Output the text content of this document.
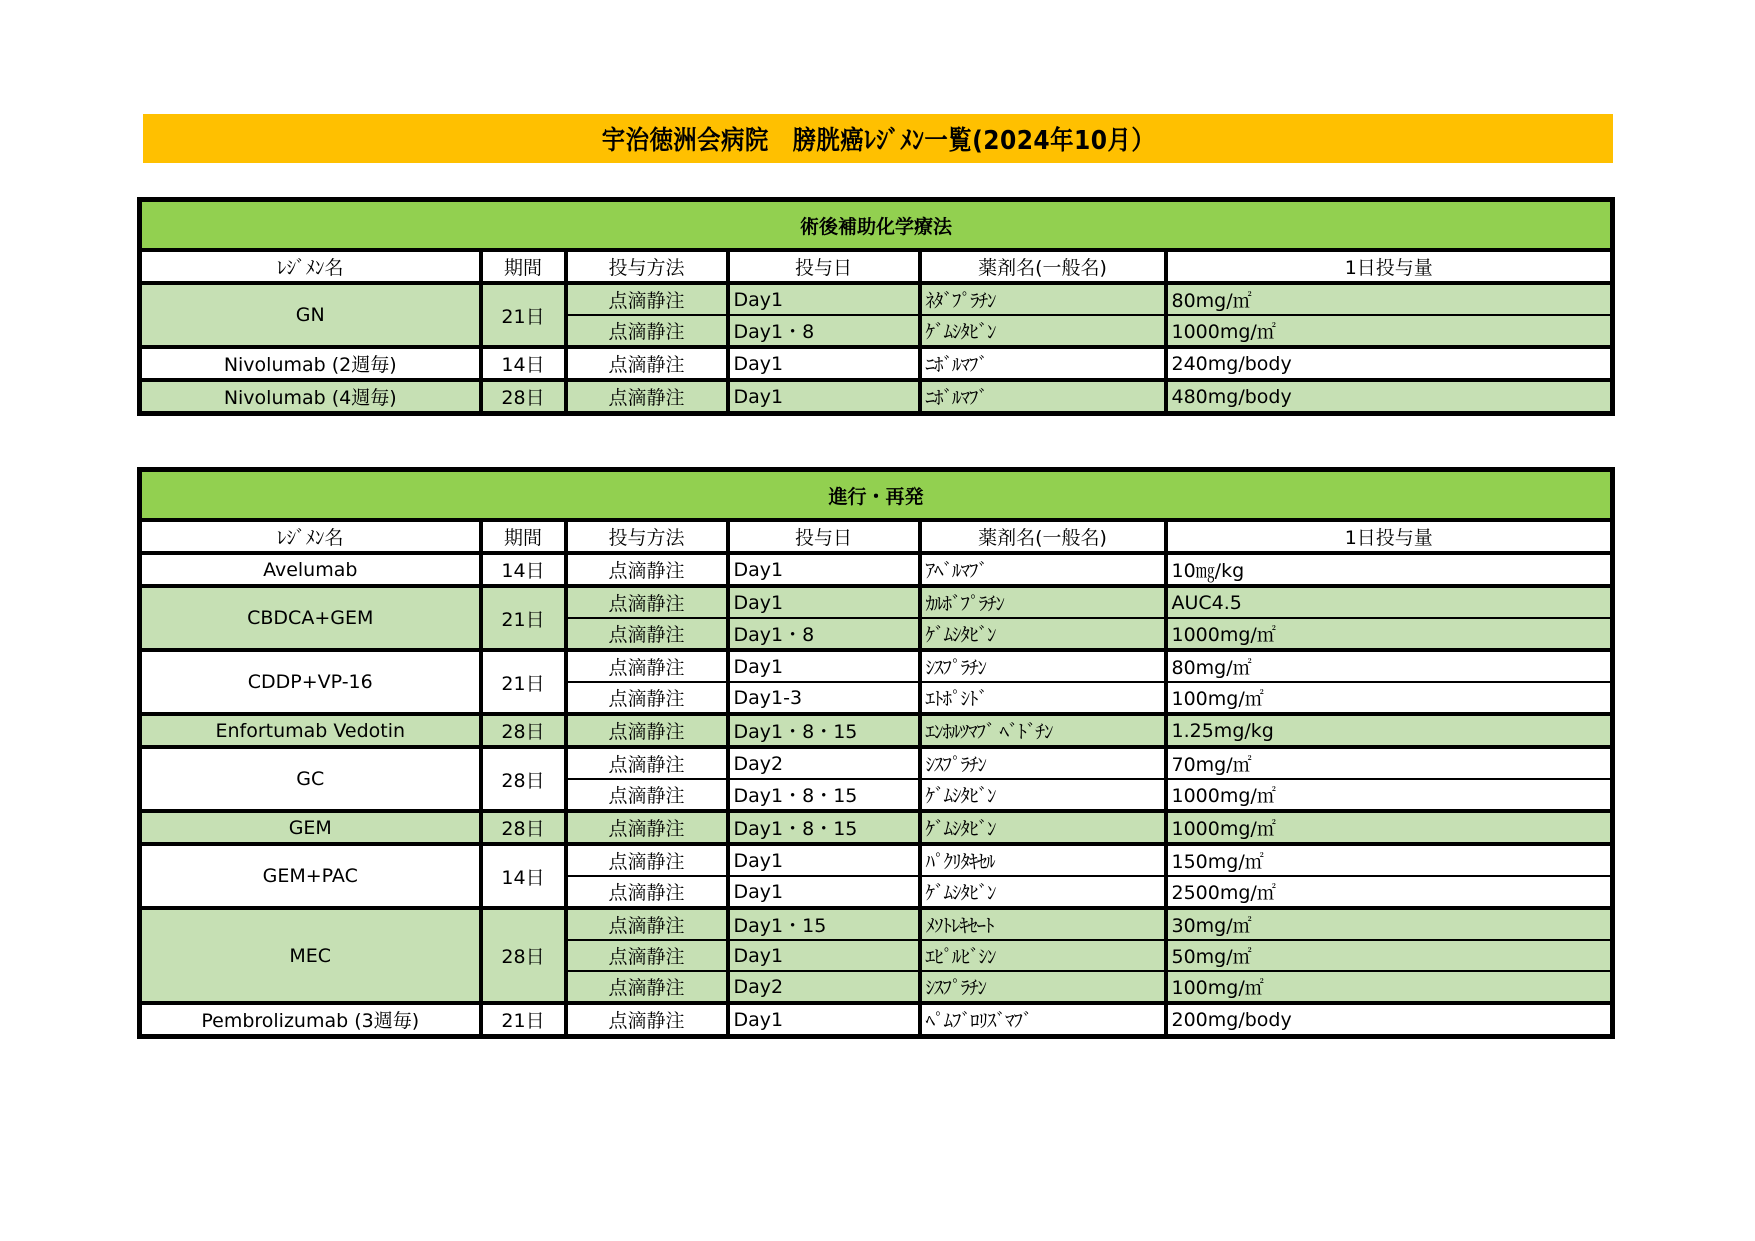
宇治徳洲会病院　膀胱癌ﾚｼﾞﾒﾝ一覧(2024年10月）
術後補助化学療法					
ﾚｼﾞﾒﾝ名	期間	投与方法	投与日	薬剤名(一般名)	1日投与量
GN	21日	点滴静注	Day1	ﾈﾀﾞﾌﾟﾗﾁﾝ	80mg/㎡
		点滴静注	Day1・8	ｹﾞﾑｼﾀﾋﾞﾝ	1000mg/㎡
Nivolumab (2週毎)	14日	点滴静注	Day1	ﾆﾎﾞﾙﾏﾌﾞ	240mg/body
Nivolumab (4週毎)	28日	点滴静注	Day1	ﾆﾎﾞﾙﾏﾌﾞ	480mg/body
進行・再発					
ﾚｼﾞﾒﾝ名	期間	投与方法	投与日	薬剤名(一般名)	1日投与量
Avelumab	14日	点滴静注	Day1	ｱﾍﾞﾙﾏﾌﾞ	10㎎/kg
CBDCA+GEM	21日	点滴静注	Day1	ｶﾙﾎﾞﾌﾟﾗﾁﾝ	AUC4.5
		点滴静注	Day1・8	ｹﾞﾑｼﾀﾋﾞﾝ	1000mg/㎡
CDDP+VP-16	21日	点滴静注	Day1	ｼｽﾌﾟﾗﾁﾝ	80mg/㎡
		点滴静注	Day1-3	ｴﾄﾎﾟｼﾄﾞ	100mg/㎡
Enfortumab Vedotin	28日	点滴静注	Day1・8・15	ｴﾝﾎﾙﾂﾏﾌﾞ ﾍﾞﾄﾞﾁﾝ	1.25mg/kg
GC	28日	点滴静注	Day2	ｼｽﾌﾟﾗﾁﾝ	70mg/㎡
		点滴静注	Day1・8・15	ｹﾞﾑｼﾀﾋﾞﾝ	1000mg/㎡
GEM	28日	点滴静注	Day1・8・15	ｹﾞﾑｼﾀﾋﾞﾝ	1000mg/㎡
GEM+PAC	14日	点滴静注	Day1	ﾊﾟｸﾘﾀｷｾﾙ	150mg/㎡
		点滴静注	Day1	ｹﾞﾑｼﾀﾋﾞﾝ	2500mg/㎡
MEC	28日	点滴静注	Day1・15	ﾒｿﾄﾚｷｾｰﾄ	30mg/㎡
		点滴静注	Day1	ｴﾋﾟﾙﾋﾞｼﾝ	50mg/㎡
		点滴静注	Day2	ｼｽﾌﾟﾗﾁﾝ	100mg/㎡
Pembrolizumab (3週毎)	21日	点滴静注	Day1	ﾍﾟﾑﾌﾞﾛﾘｽﾞﾏﾌﾞ	200mg/body
